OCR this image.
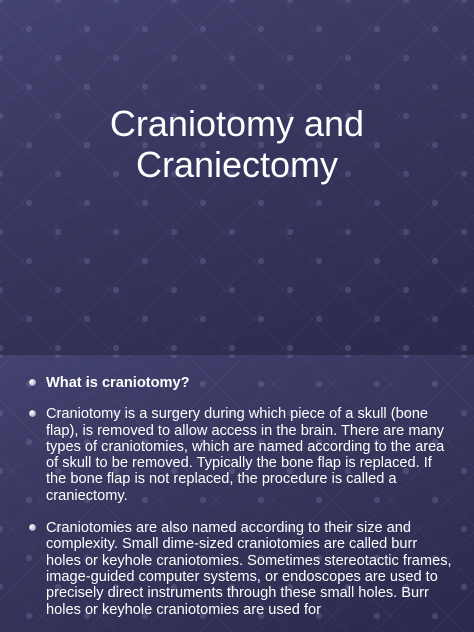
Craniotomy and
Craniectomy
What is craniotomy?
Craniotomy is a surgery during which piece of a skull (bone flap), is removed to allow access in the brain. There are many types of craniotomies, which are named according to the area of skull to be removed. Typically the bone flap is replaced. If the bone flap is not replaced, the procedure is called a craniectomy.
Craniotomies are also named according to their size and complexity. Small dime-sized craniotomies are called burr holes or keyhole craniotomies. Sometimes stereotactic frames, image-guided computer systems, or endoscopes are used to precisely direct instruments through these small holes. Burr holes or keyhole craniotomies are used for
